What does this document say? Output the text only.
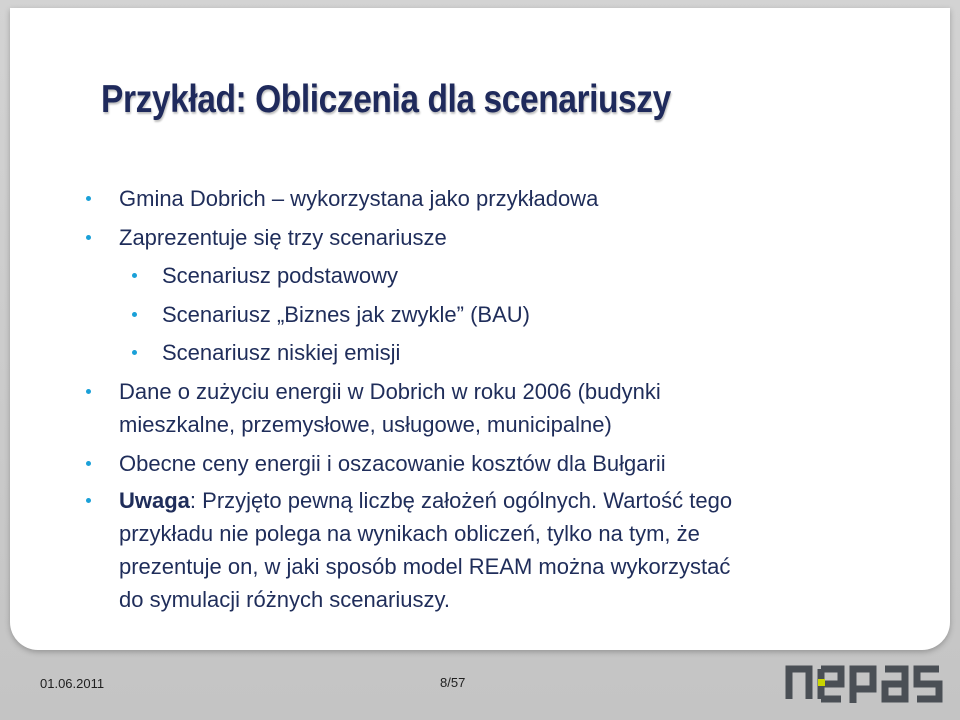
Przykład: Obliczenia dla scenariuszy
Gmina Dobrich – wykorzystana jako przykładowa
Zaprezentuje się trzy scenariusze
Scenariusz podstawowy
Scenariusz „Biznes jak zwykle” (BAU)
Scenariusz niskiej emisji
Dane o zużyciu energii w Dobrich w roku 2006 (budynki
mieszkalne, przemysłowe, usługowe, municipalne)
Obecne ceny energii i oszacowanie kosztów dla Bułgarii
Uwaga: Przyjęto pewną liczbę założeń ogólnych. Wartość tego
przykładu nie polega na wynikach obliczeń, tylko na tym, że
prezentuje on, w jaki sposób model REAM można wykorzystać
do symulacji różnych scenariuszy.
01.06.2011	8/57
